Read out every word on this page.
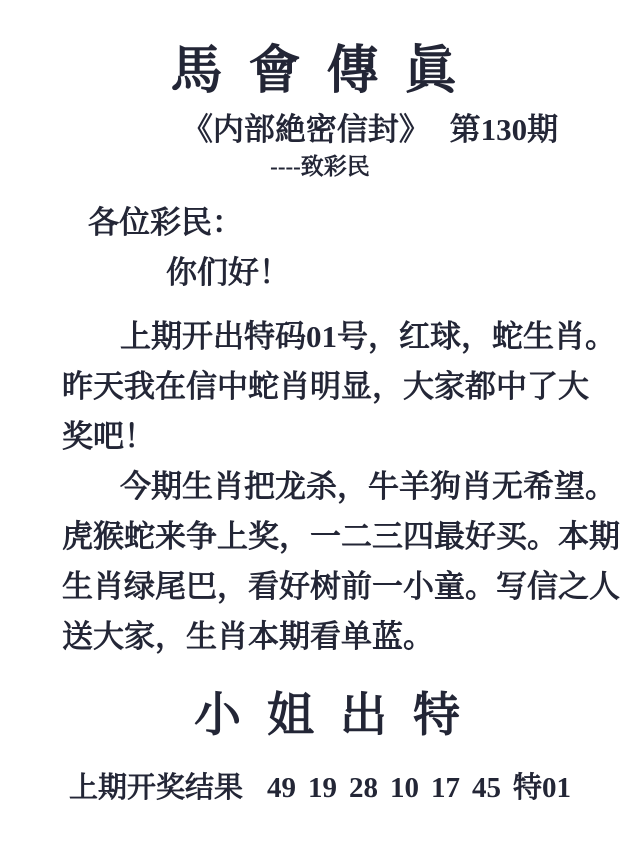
馬會傳眞
《内部絶密信封》 第130期
----致彩民
各位彩民：
你们好！
上期开出特码01号，红球，蛇生肖。
昨天我在信中蛇肖明显，大家都中了大
奖吧！
今期生肖把龙杀，牛羊狗肖无希望。
虎猴蛇来争上奖，一二三四最好买。本期
生肖绿尾巴，看好树前一小童。写信之人
送大家，生肖本期看单蓝。
小姐出特
上期开奖结果 49 19 28 10 17 45 特01
